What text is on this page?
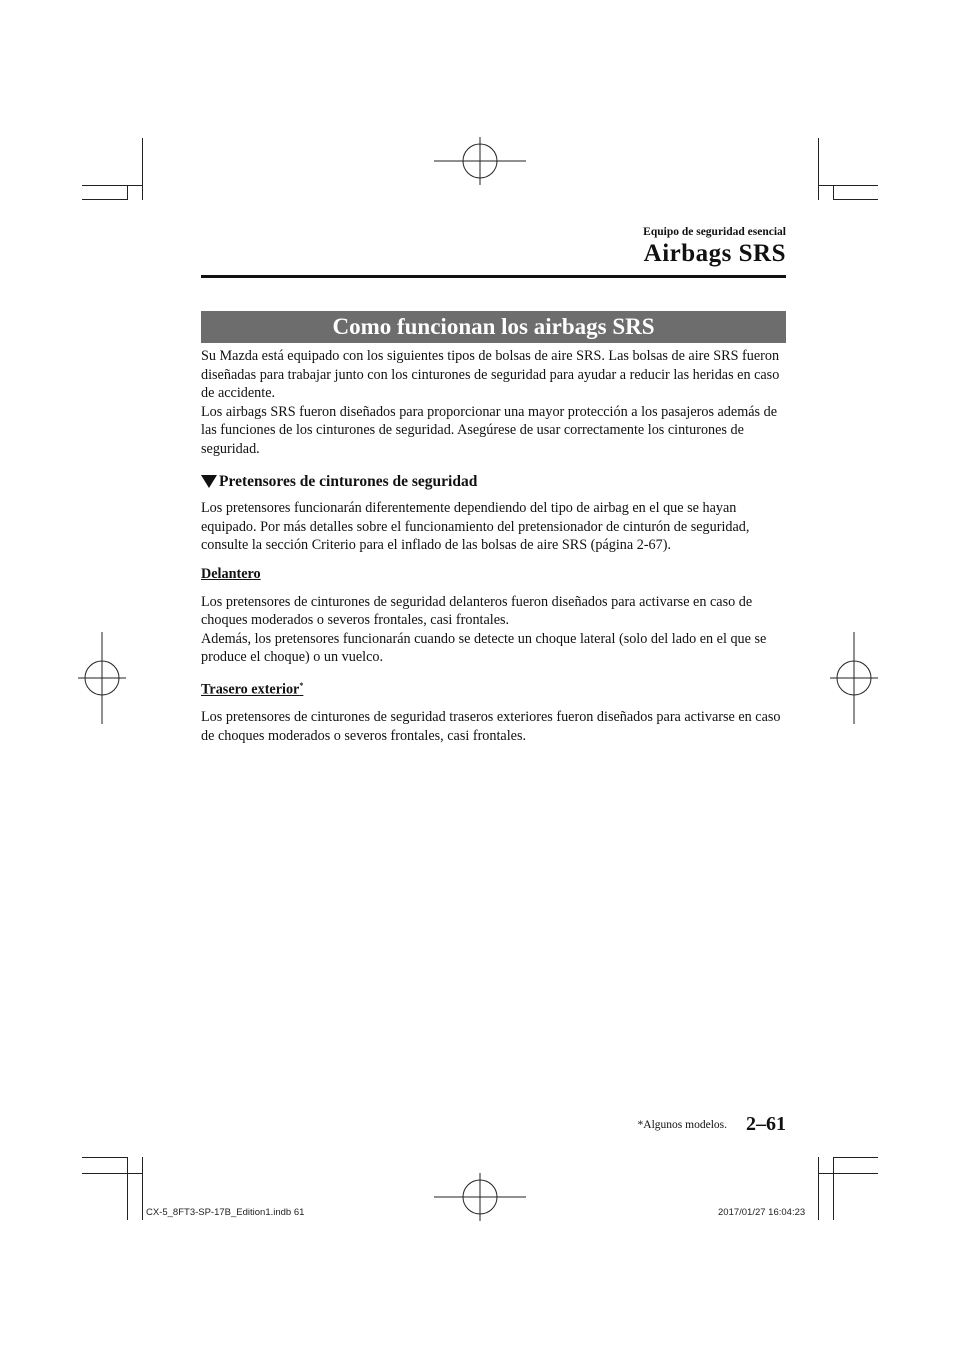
Equipo de seguridad esencial
Airbags SRS
Como funcionan los airbags SRS

Su Mazda está equipado con los siguientes tipos de bolsas de aire SRS. Las bolsas de aire SRS fueron diseñadas para trabajar junto con los cinturones de seguridad para ayudar a reducir las heridas en caso de accidente.

Los airbags SRS fueron diseñados para proporcionar una mayor protección a los pasajeros además de las funciones de los cinturones de seguridad. Asegúrese de usar correctamente los cinturones de seguridad.

Pretensores de cinturones de seguridad

Los pretensores funcionarán diferentemente dependiendo del tipo de airbag en el que se hayan equipado. Por más detalles sobre el funcionamiento del pretensionador de cinturón de seguridad, consulte la sección Criterio para el inflado de las bolsas de aire SRS (página 2-67).

Delantero

Los pretensores de cinturones de seguridad delanteros fueron diseñados para activarse en caso de choques moderados o severos frontales, casi frontales.

Además, los pretensores funcionarán cuando se detecte un choque lateral (solo del lado en el que se produce el choque) o un vuelco.

Trasero exterior*

Los pretensores de cinturones de seguridad traseros exteriores fueron diseñados para activarse en caso de choques moderados o severos frontales, casi frontales.

*Algunos modelos. 2–61
CX-5_8FT3-SP-17B_Edition1.indb 61	2017/01/27 16:04:23
